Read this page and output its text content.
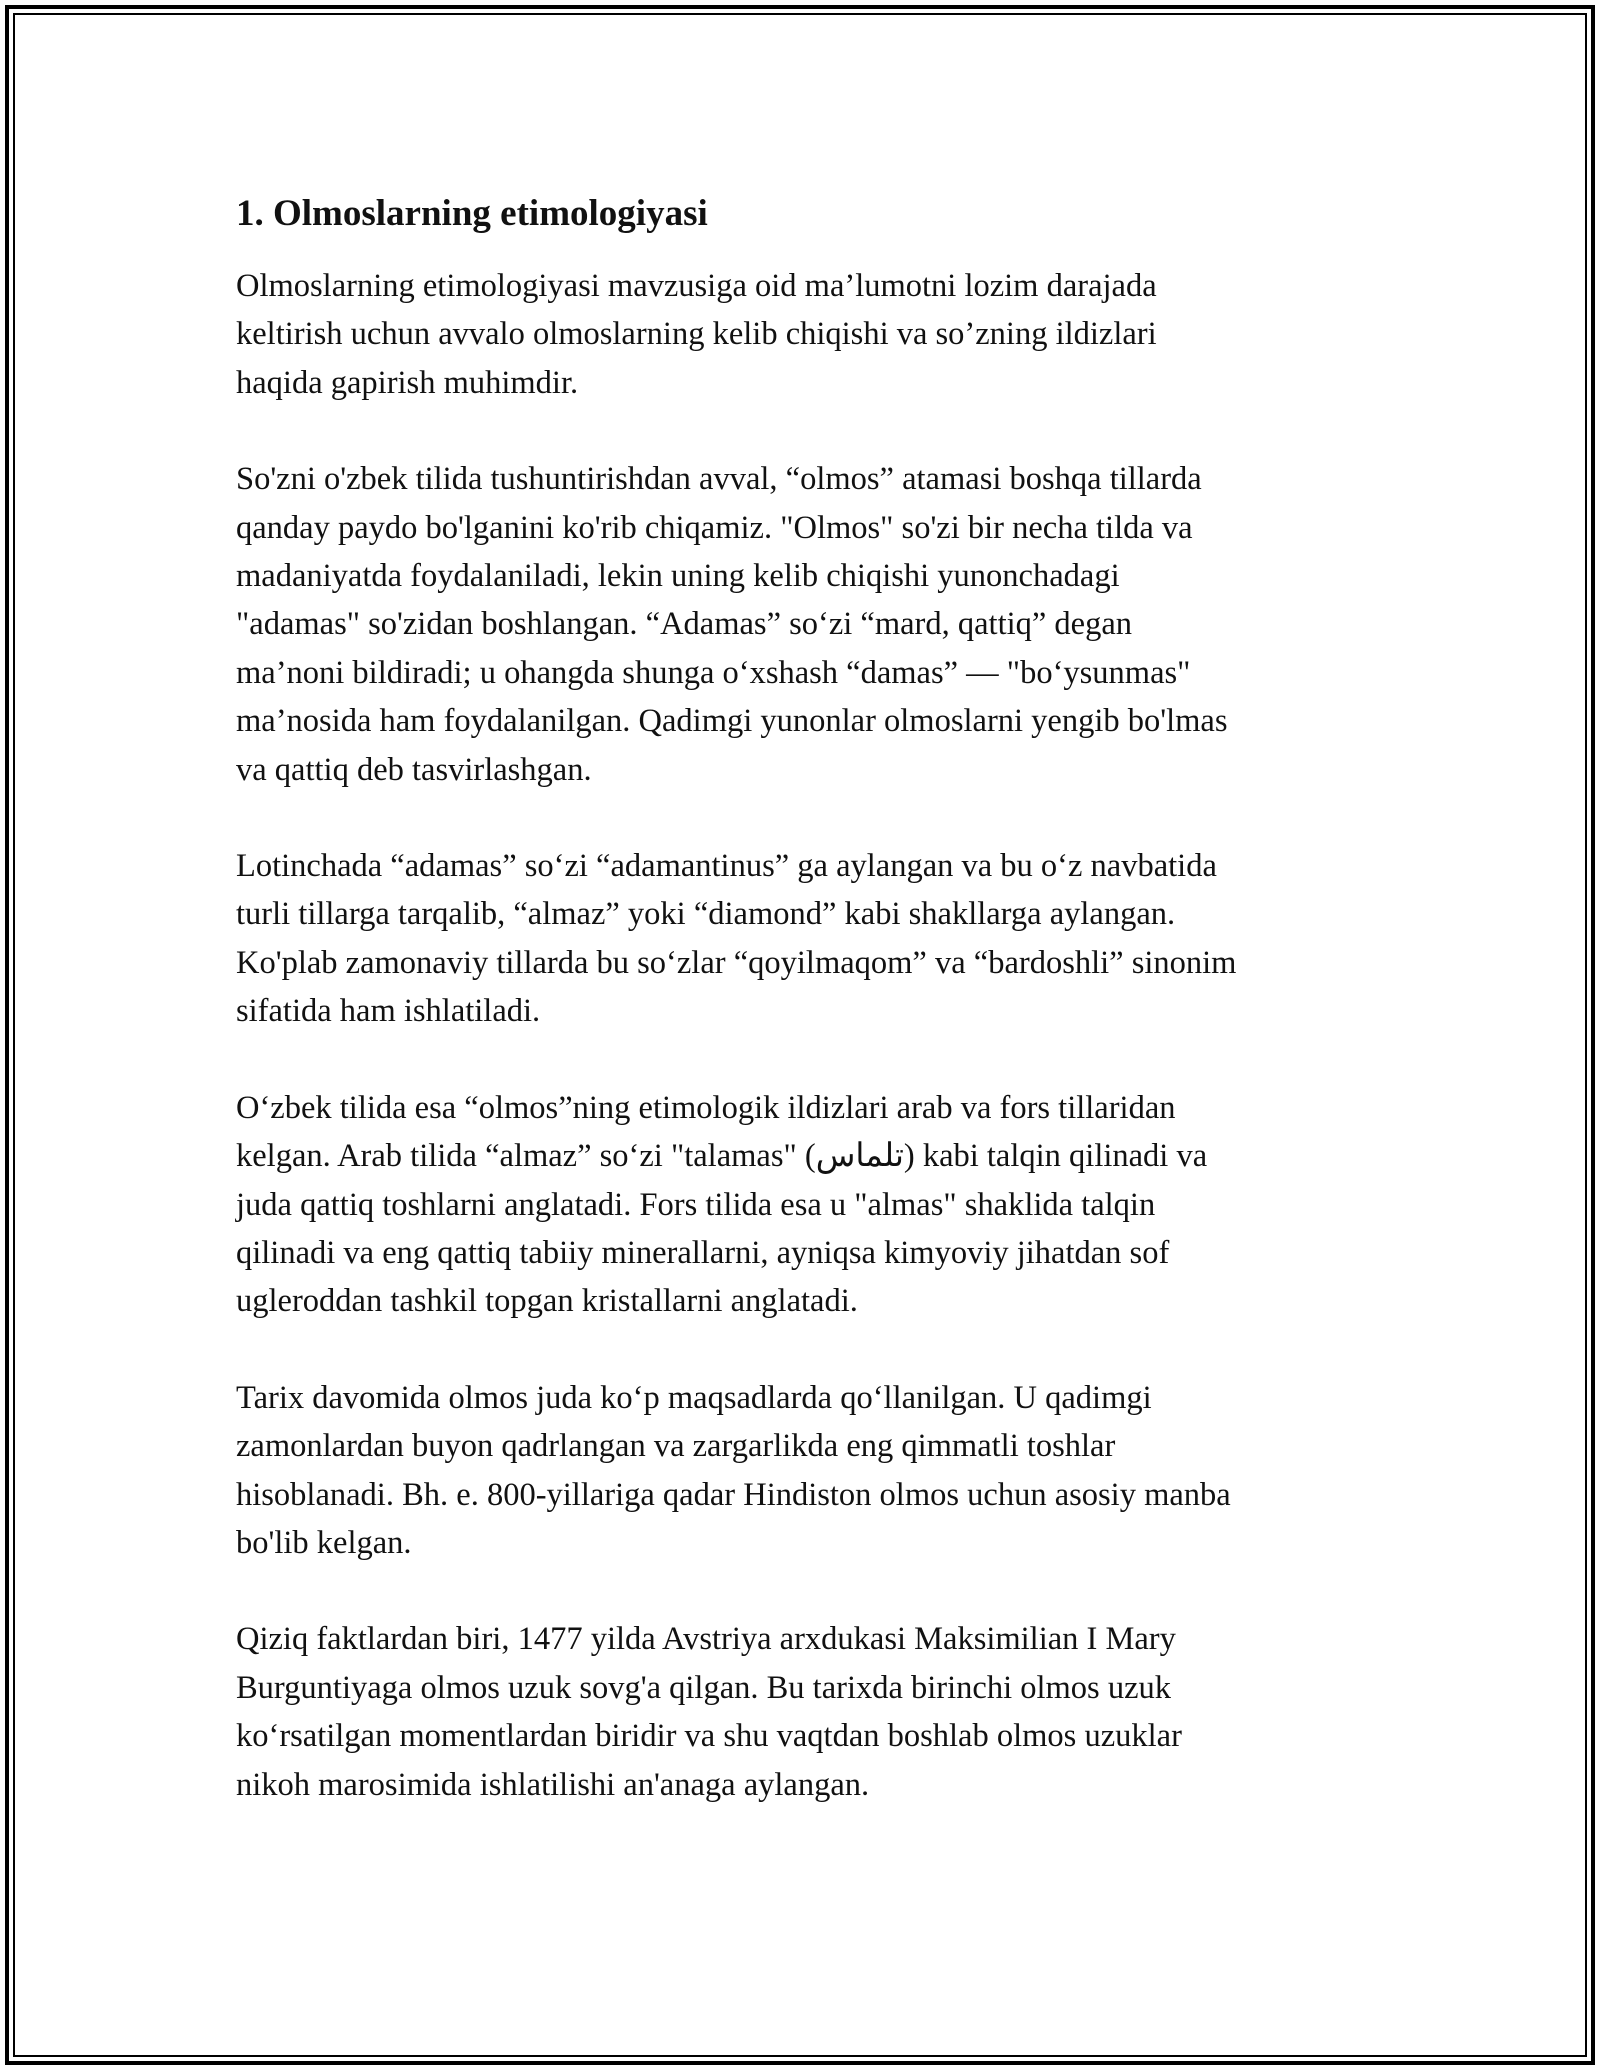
1. Olmoslarning etimologiyasi

Olmoslarning etimologiyasi mavzusiga oid ma’lumotni lozim darajada
keltirish uchun avvalo olmoslarning kelib chiqishi va so’zning ildizlari
haqida gapirish muhimdir.

So'zni o'zbek tilida tushuntirishdan avval, “olmos” atamasi boshqa tillarda
qanday paydo bo'lganini ko'rib chiqamiz. "Olmos" so'zi bir necha tilda va
madaniyatda foydalaniladi, lekin uning kelib chiqishi yunonchadagi
"adamas" so'zidan boshlangan. “Adamas” so‘zi “mard, qattiq” degan
ma’noni bildiradi; u ohangda shunga o‘xshash “damas” — "bo‘ysunmas"
ma’nosida ham foydalanilgan. Qadimgi yunonlar olmoslarni yengib bo'lmas
va qattiq deb tasvirlashgan.

Lotinchada “adamas” so‘zi “adamantinus” ga aylangan va bu o‘z navbatida
turli tillarga tarqalib, “almaz” yoki “diamond” kabi shakllarga aylangan.
Ko'plab zamonaviy tillarda bu so‘zlar “qoyilmaqom” va “bardoshli” sinonim
sifatida ham ishlatiladi.

O‘zbek tilida esa “olmos”ning etimologik ildizlari arab va fors tillaridan
kelgan. Arab tilida “almaz” so‘zi "talamas" (تلماس) kabi talqin qilinadi va
juda qattiq toshlarni anglatadi. Fors tilida esa u "almas" shaklida talqin
qilinadi va eng qattiq tabiiy minerallarni, ayniqsa kimyoviy jihatdan sof
ugleroddan tashkil topgan kristallarni anglatadi.

Tarix davomida olmos juda ko‘p maqsadlarda qo‘llanilgan. U qadimgi
zamonlardan buyon qadrlangan va zargarlikda eng qimmatli toshlar
hisoblanadi. Bh. e. 800-yillariga qadar Hindiston olmos uchun asosiy manba
bo'lib kelgan.

Qiziq faktlardan biri, 1477 yilda Avstriya arxdukasi Maksimilian I Mary
Burguntiyaga olmos uzuk sovg'a qilgan. Bu tarixda birinchi olmos uzuk
ko‘rsatilgan momentlardan biridir va shu vaqtdan boshlab olmos uzuklar
nikoh marosimida ishlatilishi an'anaga aylangan.
